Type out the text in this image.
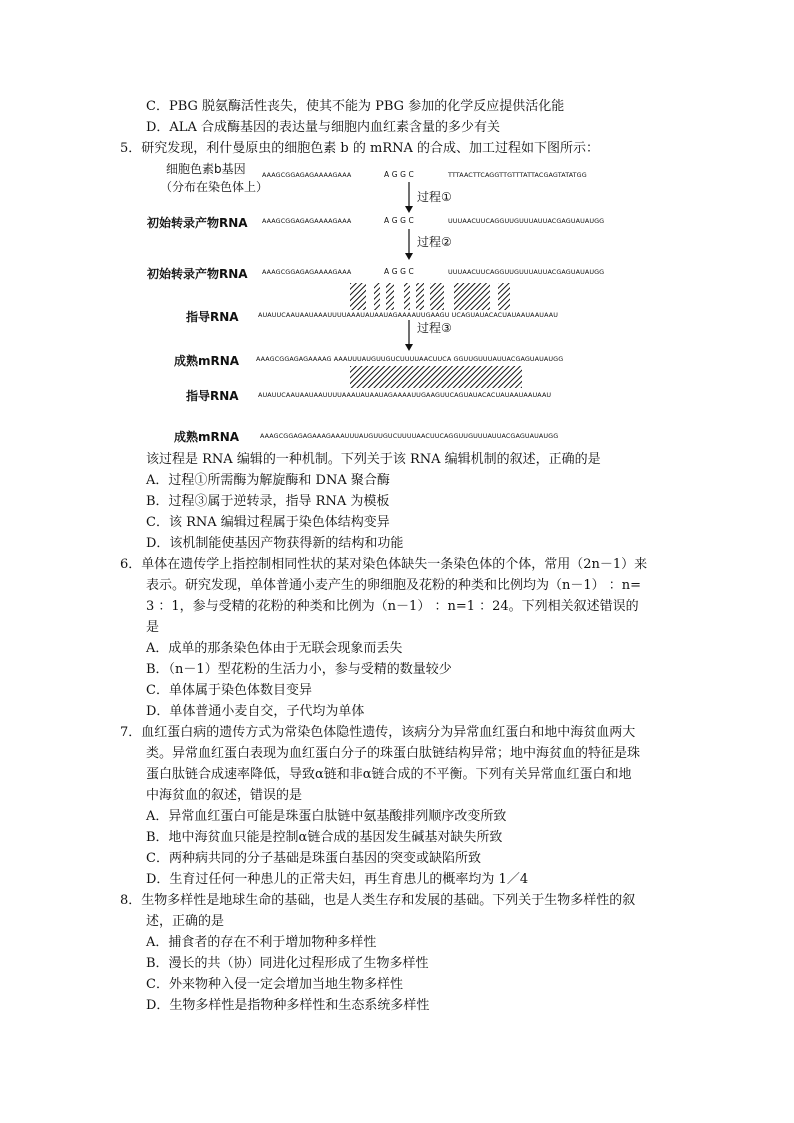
C．PBG 脱氨酶活性丧失，使其不能为 PBG 参加的化学反应提供活化能
D．ALA 合成酶基因的表达量与细胞内血红素含量的多少有关
5．研究发现，利什曼原虫的细胞色素 b 的 mRNA 的合成、加工过程如下图所示：
细胞色素b基因
（分布在染色体上）
AAAGCGGAGAGAAAAGAAA	A G G C	TTTAACTTCAGGTTGTTTATTACGAGTATATGG
过程①
初始转录产物RNA AAAGCGGAGAGAAAAGAAA	A G G C	UUUAACUUCAGGUUGUUUAUUACGAGUAUAUGG
过程②
初始转录产物RNA AAAGCGGAGAGAAAAGAAA	A G G C	UUUAACUUCAGGUUGUUUAUUACGAGUAUAUGG
指导RNA	AUAUUCAAUAAUAAAUUUUAAAUAUAAUAGAAAAUUGAAGU UCAGUAUACACUAUAAUAAUAAU
过程③
成熟mRNA	AAAGCGGAGAGAAAAG AAAUUUAUGUUGUCUUUUAACUUCA GGUUGUUUAUUACGAGUAUAUGG
指导RNA	AUAUUCAAUAAUAAUUUUAAAUAUAAUAGAAAAUUGAAGUUCAGUAUACACUAUAAUAAUAAU
成熟mRNA	AAAGCGGAGAGAAAGAAAUUUAUGUUGUCUUUUAACUUCAGGUUGUUUAUUACGAGUAUAUGG
该过程是 RNA 编辑的一种机制。下列关于该 RNA 编辑机制的叙述，正确的是
A．过程①所需酶为解旋酶和 DNA 聚合酶
B．过程③属于逆转录，指导 RNA 为模板
C．该 RNA 编辑过程属于染色体结构变异
D．该机制能使基因产物获得新的结构和功能
6．单体在遗传学上指控制相同性状的某对染色体缺失一条染色体的个体，常用（2n－1）来
表示。研究发现，单体普通小麦产生的卵细胞及花粉的种类和比例均为（n－1） ：n=
3 ：1，参与受精的花粉的种类和比例为（n－1） ：n=1 ：24。下列相关叙述错误的
是
A．成单的那条染色体由于无联会现象而丢失
B．（n－1）型花粉的生活力小，参与受精的数量较少
C．单体属于染色体数目变异
D．单体普通小麦自交，子代均为单体
7．血红蛋白病的遗传方式为常染色体隐性遗传，该病分为异常血红蛋白和地中海贫血两大
类。异常血红蛋白表现为血红蛋白分子的珠蛋白肽链结构异常；地中海贫血的特征是珠
蛋白肽链合成速率降低，导致α链和非α链合成的不平衡。下列有关异常血红蛋白和地
中海贫血的叙述，错误的是
A．异常血红蛋白可能是珠蛋白肽链中氨基酸排列顺序改变所致
B．地中海贫血只能是控制α链合成的基因发生碱基对缺失所致
C．两种病共同的分子基础是珠蛋白基因的突变或缺陷所致
D．生育过任何一种患儿的正常夫妇，再生育患儿的概率均为 1／4
8．生物多样性是地球生命的基础，也是人类生存和发展的基础。下列关于生物多样性的叙
述，正确的是
A．捕食者的存在不利于增加物种多样性
B．漫长的共（协）同进化过程形成了生物多样性
C．外来物种入侵一定会增加当地生物多样性
D．生物多样性是指物种多样性和生态系统多样性
